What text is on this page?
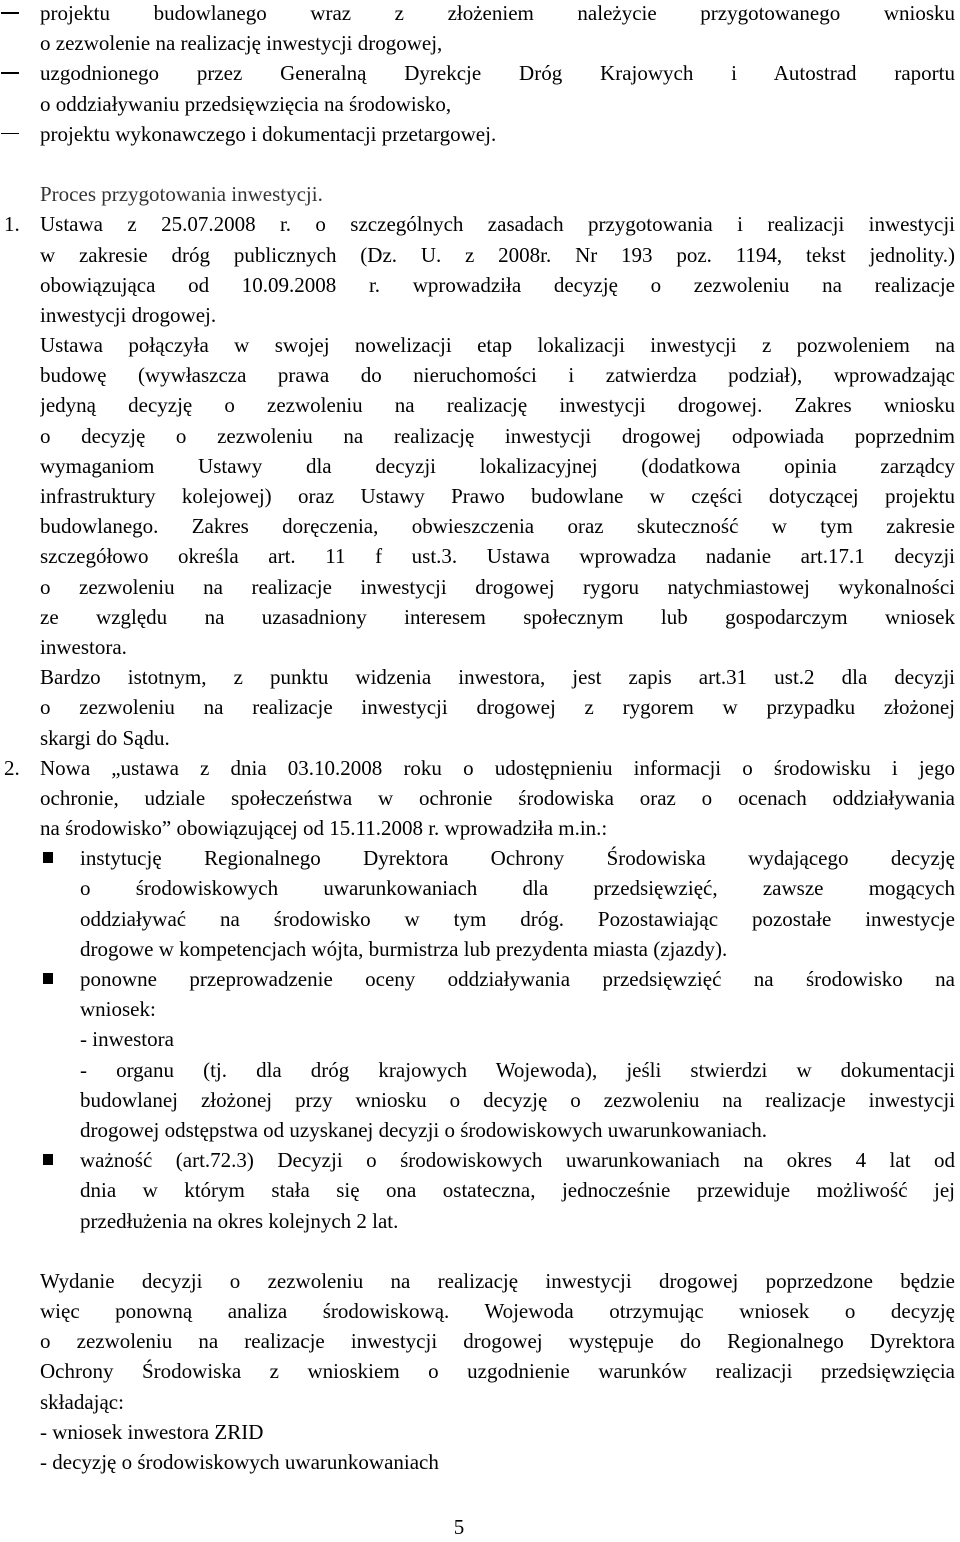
projektu budowlanego wraz z złożeniem należycie przygotowanego wniosku
o zezwolenie na realizację inwestycji drogowej,
uzgodnionego przez Generalną Dyrekcje Dróg Krajowych i Autostrad raportu
o oddziaływaniu przedsięwzięcia na środowisko,
projektu wykonawczego i dokumentacji przetargowej.
Proces przygotowania inwestycji.
1. Ustawa z 25.07.2008 r. o szczególnych zasadach przygotowania i realizacji inwestycji
w zakresie dróg publicznych (Dz. U. z 2008r. Nr 193 poz. 1194, tekst jednolity.)
obowiązująca od 10.09.2008 r. wprowadziła decyzję o zezwoleniu na realizacje
inwestycji drogowej.
Ustawa połączyła w swojej nowelizacji etap lokalizacji inwestycji z pozwoleniem na
budowę (wywłaszcza prawa do nieruchomości i zatwierdza podział), wprowadzając
jedyną decyzję o zezwoleniu na realizację inwestycji drogowej. Zakres wniosku
o decyzję o zezwoleniu na realizację inwestycji drogowej odpowiada poprzednim
wymaganiom Ustawy dla decyzji lokalizacyjnej (dodatkowa opinia zarządcy
infrastruktury kolejowej) oraz Ustawy Prawo budowlane w części dotyczącej projektu
budowlanego. Zakres doręczenia, obwieszczenia oraz skuteczność w tym zakresie
szczegółowo określa art. 11 f ust.3. Ustawa wprowadza nadanie art.17.1 decyzji
o zezwoleniu na realizacje inwestycji drogowej rygoru natychmiastowej wykonalności
ze względu na uzasadniony interesem społecznym lub gospodarczym wniosek
inwestora.
Bardzo istotnym, z punktu widzenia inwestora, jest zapis art.31 ust.2 dla decyzji
o zezwoleniu na realizacje inwestycji drogowej z rygorem w przypadku złożonej
skargi do Sądu.
2. Nowa „ustawa z dnia 03.10.2008 roku o udostępnieniu informacji o środowisku i jego
ochronie, udziale społeczeństwa w ochronie środowiska oraz o ocenach oddziaływania
na środowisko” obowiązującej od 15.11.2008 r. wprowadziła m.in.:
instytucję Regionalnego Dyrektora Ochrony Środowiska wydającego decyzję
o środowiskowych uwarunkowaniach dla przedsięwzięć, zawsze mogących
oddziaływać na środowisko w tym dróg. Pozostawiając pozostałe inwestycje
drogowe w kompetencjach wójta, burmistrza lub prezydenta miasta (zjazdy).
ponowne przeprowadzenie oceny oddziaływania przedsięwzięć na środowisko na
wniosek:
- inwestora
- organu (tj. dla dróg krajowych Wojewoda), jeśli stwierdzi w dokumentacji
budowlanej złożonej przy wniosku o decyzję o zezwoleniu na realizacje inwestycji
drogowej odstępstwa od uzyskanej decyzji o środowiskowych uwarunkowaniach.
ważność (art.72.3) Decyzji o środowiskowych uwarunkowaniach na okres 4 lat od
dnia w którym stała się ona ostateczna, jednocześnie przewiduje możliwość jej
przedłużenia na okres kolejnych 2 lat.
Wydanie decyzji o zezwoleniu na realizację inwestycji drogowej poprzedzone będzie
więc ponowną analiza środowiskową. Wojewoda otrzymując wniosek o decyzję
o zezwoleniu na realizacje inwestycji drogowej występuje do Regionalnego Dyrektora
Ochrony Środowiska z wnioskiem o uzgodnienie warunków realizacji przedsięwzięcia
składając:
- wniosek inwestora ZRID
- decyzję o środowiskowych uwarunkowaniach
5
